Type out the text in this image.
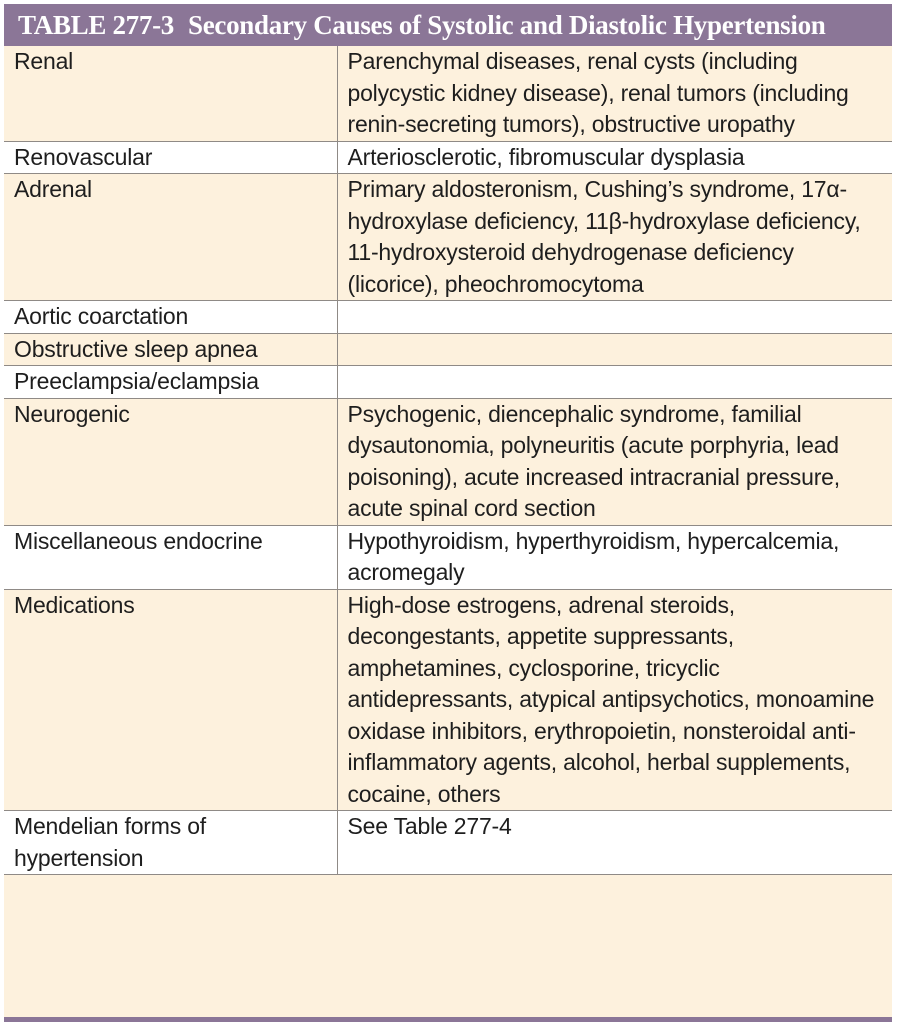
TABLE 277-3 Secondary Causes of Systolic and Diastolic Hypertension
Renal	Parenchymal diseases, renal cysts (including polycystic kidney disease), renal tumors (including renin-secreting tumors), obstructive uropathy
Renovascular	Arteriosclerotic, fibromuscular dysplasia
Adrenal	Primary aldosteronism, Cushing’s syndrome, 17α-hydroxylase deficiency, 11β-hydroxylase deficiency, 11-hydroxysteroid dehydrogenase deficiency (licorice), pheochromocytoma
Aortic coarctation	
Obstructive sleep apnea	
Preeclampsia/eclampsia	
Neurogenic	Psychogenic, diencephalic syndrome, familial dysautonomia, polyneuritis (acute porphyria, lead poisoning), acute increased intracranial pressure, acute spinal cord section
Miscellaneous endocrine	Hypothyroidism, hyperthyroidism, hypercalcemia, acromegaly
Medications	High-dose estrogens, adrenal steroids, decongestants, appetite suppressants, amphetamines, cyclosporine, tricyclic antidepressants, atypical antipsychotics, monoamine oxidase inhibitors, erythropoietin, nonsteroidal anti-inflammatory agents, alcohol, herbal supplements, cocaine, others
Mendelian forms of hypertension	See Table 277-4
